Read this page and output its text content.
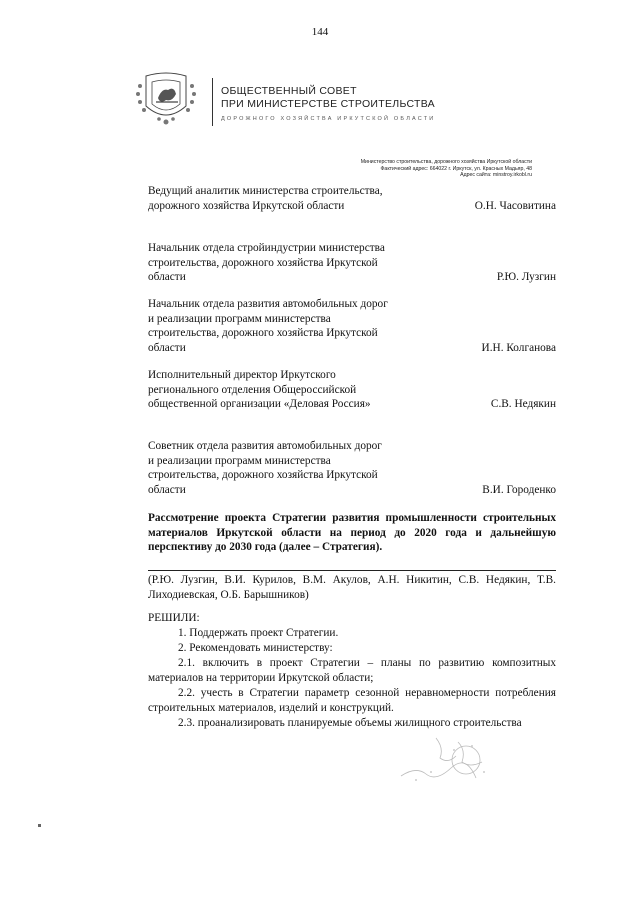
144
ОБЩЕСТВЕННЫЙ СОВЕТ
ПРИ МИНИСТЕРСТВЕ СТРОИТЕЛЬСТВА
ДОРОЖНОГО ХОЗЯЙСТВА ИРКУТСКОЙ ОБЛАСТИ
Министерство строительства, дорожного хозяйства Иркутской области
Фактический адрес: 664022 г. Иркутск, ул. Красных Мадьяр, 48
Адрес сайта: minstroy.irkobl.ru
Ведущий аналитик министерства строительства, дорожного хозяйства Иркутской области	О.Н. Часовитина
Начальник отдела стройиндустрии министерства строительства, дорожного хозяйства Иркутской области	Р.Ю. Лузгин
Начальник отдела развития автомобильных дорог и реализации программ министерства строительства, дорожного хозяйства Иркутской области	И.Н. Колганова
Исполнительный директор Иркутского регионального отделения Общероссийской общественной организации «Деловая Россия»	С.В. Недякин
Советник отдела развития автомобильных дорог и реализации программ министерства строительства, дорожного хозяйства Иркутской области	В.И. Городенко
Рассмотрение проекта Стратегии развития промышленности строительных материалов Иркутской области на период до 2020 года и дальнейшую перспективу до 2030 года (далее – Стратегия).
(Р.Ю. Лузгин, В.И. Курилов, В.М. Акулов, А.Н. Никитин, С.В. Недякин, Т.В. Лиходиевская, О.Б. Барышников)
РЕШИЛИ:
1. Поддержать проект Стратегии.
2. Рекомендовать министерству:
2.1. включить в проект Стратегии – планы по развитию композитных материалов на территории Иркутской области;
2.2. учесть в Стратегии параметр сезонной неравномерности потребления строительных материалов, изделий и конструкций.
2.3. проанализировать планируемые объемы жилищного строительства
